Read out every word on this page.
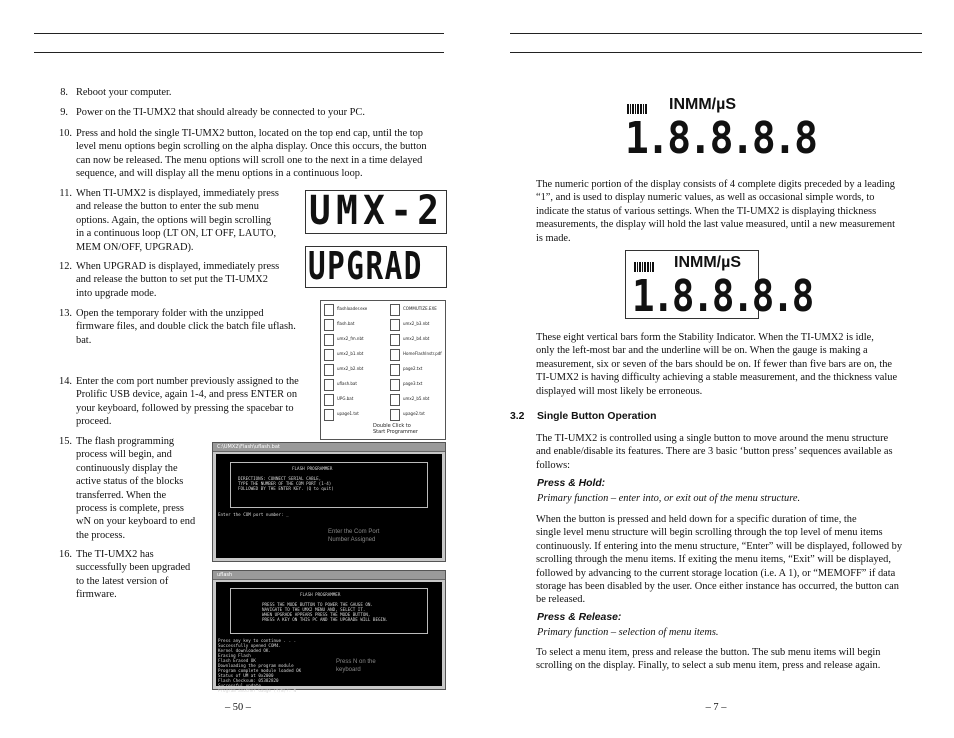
8. Reboot your computer.
9. Power on the TI-UMX2 that should already be connected to your PC.
10. Press and hold the single TI-UMX2 button, located on the top end cap, until the top
level menu options begin scrolling on the alpha display. Once this occurs, the button
can now be released. The menu options will scroll one to the next in a time delayed
sequence, and will display all the menu options in a continuous loop.
11. When TI-UMX2 is displayed, immediately press
and release the button to enter the sub menu
options. Again, the options will begin scrolling
in a continuous loop (LT ON, LT OFF, LAUTO,
MEM ON/OFF, UPGRAD).
UMX-2
12. When UPGRAD is displayed, immediately press
and release the button to set put the TI-UMX2
into upgrade mode.
UPGRAD
13. Open the temporary folder with the unzipped
firmware files, and double click the batch file uflash.
bat.
flashloader.exe
flash.bat
umx2_fm.nbt
umx2_b1.nbt
umx2_b2.nbt
uflash.bat
UPG.bat
upage1.txt
COMMUTIZE.EXE
umx2_b3.nbt
umx2_b4.nbt
HomeFlashInstr.pdf
page2.txt
page3.txt
umx2_b5.nbt
upage2.txt
Double Click to
Start Programmer
14. Enter the com port number previously assigned to the
Prolific USB device, again 1-4, and press ENTER on
your keyboard, followed by pressing the spacebar to
proceed.
15. The flash programming
process will begin, and
continuously display the
active status of the blocks
transferred. When the
process is complete, press
wN on your keyboard to end
the process.
16. The TI-UMX2 has
successfully been upgraded
to the latest version of
firmware.
C:\UMX2\Flash\uflash.bat
FLASH PROGRAMMER
DIRECTIONS: CONNECT SERIAL CABLE,
TYPE THE NUMBER OF THE COM PORT (1-4)
FOLLOWED BY THE ENTER KEY. (Q to quit)
Enter the COM port number: _
Enter the Com Port
Number Assigned
uflash
FLASH PROGRAMMER
PRESS THE MODE BUTTON TO POWER THE GAUGE ON.
NAVIGATE TO THE UMX2 MENU AND, SELECT IT.
WHEN UPGRADE APPEARS PRESS THE MODE BUTTON,
PRESS A KEY ON THIS PC AND THE UPGRADE WILL BEGIN.
Press any key to continue . . .
Successfully opened COM4.
Kernel downloaded OK.
Erasing Flash
Flash Erased OK
Downloading the program module
Program complete module loaded OK
Status of UM at 0x2000
Flash Checksum: 05382820
Successful update.
Program another Gauge (Y/N)?: N
Press N on the
keyboard
– 50 –
INMM/µS
1.8.8.8.8
The numeric portion of the display consists of 4 complete digits preceded by a leading
“1”, and is used to display numeric values, as well as occasional simple words, to
indicate the status of various settings. When the TI-UMX2 is displaying thickness
measurements, the display will hold the last value measured, until a new measurement
is made.
INMM/µS
1.8.8.8.8
These eight vertical bars form the Stability Indicator. When the TI-UMX2 is idle,
only the left-most bar and the underline will be on. When the gauge is making a
measurement, six or seven of the bars should be on. If fewer than five bars are on, the
TI-UMX2 is having difficulty achieving a stable measurement, and the thickness value
displayed will most likely be erroneous.
3.2 Single Button Operation
The TI-UMX2 is controlled using a single button to move around the menu structure
and enable/disable its features. There are 3 basic ‘button press’ sequences available as
follows:
Press & Hold:
Primary function – enter into, or exit out of the menu structure.
When the button is pressed and held down for a specific duration of time, the
single level menu structure will begin scrolling through the top level of menu items
continuously. If entering into the menu structure, “Enter” will be displayed, followed by
scrolling through the menu items. If exiting the menu items, “Exit” will be displayed,
followed by advancing to the current storage location (i.e. A 1), or “MEMOFF” if data
storage has been disabled by the user. Once either instance has occurred, the button can
be released.
Press & Release:
Primary function – selection of menu items.
To select a menu item, press and release the button. The sub menu items will begin
scrolling on the display. Finally, to select a sub menu item, press and release again.
– 7 –
